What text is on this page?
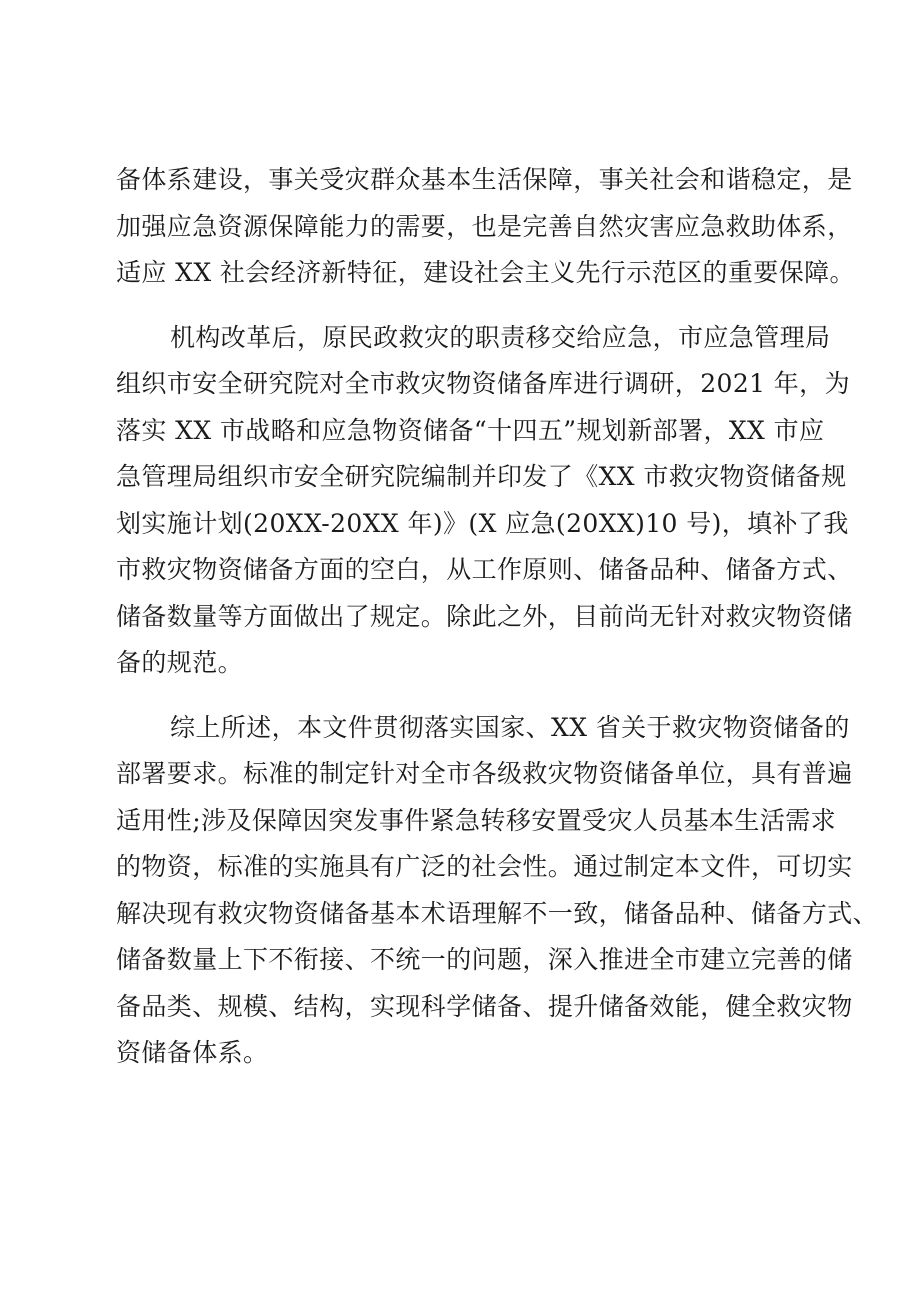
备体系建设，事关受灾群众基本生活保障，事关社会和谐稳定，是
加强应急资源保障能力的需要，也是完善自然灾害应急救助体系，
适应 XX 社会经济新特征，建设社会主义先行示范区的重要保障。
机构改革后，原民政救灾的职责移交给应急，市应急管理局
组织市安全研究院对全市救灾物资储备库进行调研，2021 年，为
落实 XX 市战略和应急物资储备“十四五”规划新部署，XX 市应
急管理局组织市安全研究院编制并印发了《XX 市救灾物资储备规
划实施计划(20XX-20XX 年)》(X 应急(20XX)10 号)，填补了我
市救灾物资储备方面的空白，从工作原则、储备品种、储备方式、
储备数量等方面做出了规定。除此之外，目前尚无针对救灾物资储
备的规范。
综上所述，本文件贯彻落实国家、XX 省关于救灾物资储备的
部署要求。标准的制定针对全市各级救灾物资储备单位，具有普遍
适用性;涉及保障因突发事件紧急转移安置受灾人员基本生活需求
的物资，标准的实施具有广泛的社会性。通过制定本文件，可切实
解决现有救灾物资储备基本术语理解不一致，储备品种、储备方式、
储备数量上下不衔接、不统一的问题，深入推进全市建立完善的储
备品类、规模、结构，实现科学储备、提升储备效能，健全救灾物
资储备体系。
